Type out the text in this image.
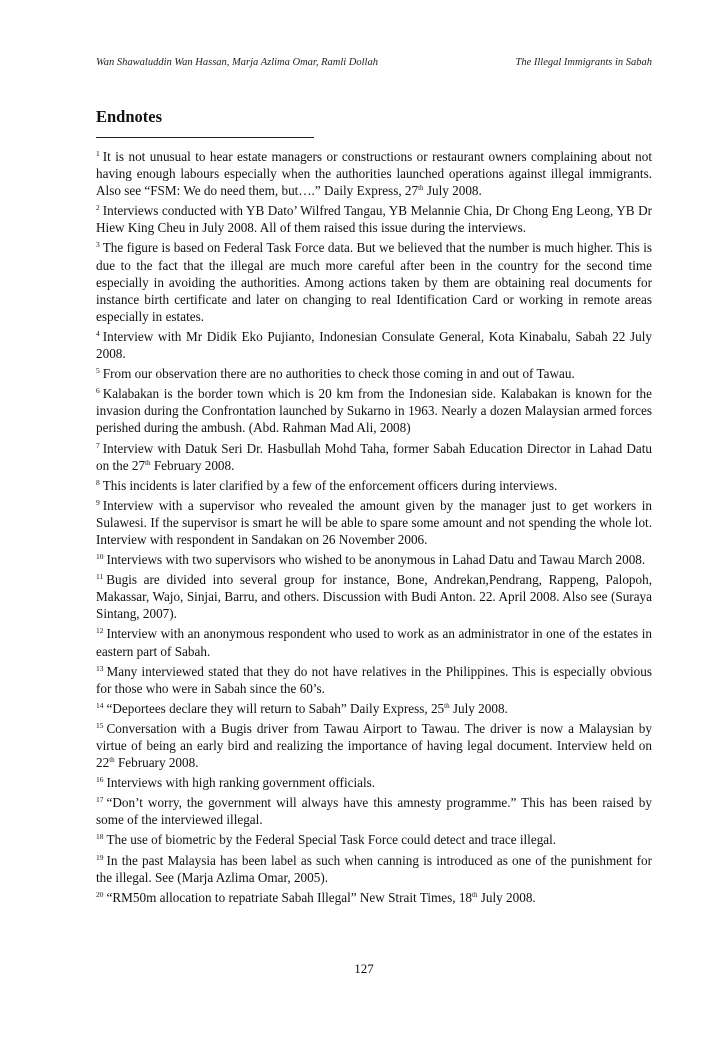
Wan Shawaluddin Wan Hassan, Marja Azlima Omar, Ramli Dollah	The Illegal Immigrants in Sabah
Endnotes

$^1$ It is not unusual to hear estate managers or constructions or restaurant owners complaining about not having enough labours especially when the authorities launched operations against illegal immigrants. Also see “FSM: We do need them, but….” Daily Express, 27th July 2008.

$^2$ Interviews conducted with YB Dato’ Wilfred Tangau, YB Melannie Chia, Dr Chong Eng Leong, YB Dr Hiew King Cheu in July 2008. All of them raised this issue during the interviews.

$^3$ The figure is based on Federal Task Force data. But we believed that the number is much higher. This is due to the fact that the illegal are much more careful after been in the country for the second time especially in avoiding the authorities. Among actions taken by them are obtaining real documents for instance birth certificate and later on changing to real Identification Card or working in remote areas especially in estates.

$^4$ Interview with Mr Didik Eko Pujianto, Indonesian Consulate General, Kota Kinabalu, Sabah 22 July 2008.

$^5$ From our observation there are no authorities to check those coming in and out of Tawau.

$^6$ Kalabakan is the border town which is 20 km from the Indonesian side. Kalabakan is known for the invasion during the Confrontation launched by Sukarno in 1963. Nearly a dozen Malaysian armed forces perished during the ambush. (Abd. Rahman Mad Ali, 2008)

$^7$ Interview with Datuk Seri Dr. Hasbullah Mohd Taha, former Sabah Education Director in Lahad Datu on the 27th February 2008.

$^8$ This incidents is later clarified by a few of the enforcement officers during interviews.

$^9$ Interview with a supervisor who revealed the amount given by the manager just to get workers in Sulawesi. If the supervisor is smart he will be able to spare some amount and not spending the whole lot. Interview with respondent in Sandakan on 26 November 2006.

$^{10}$ Interviews with two supervisors who wished to be anonymous in Lahad Datu and Tawau March 2008.

$^{11}$ Bugis are divided into several group for instance, Bone, Andrekan,Pendrang, Rappeng, Palopoh, Makassar, Wajo, Sinjai, Barru, and others. Discussion with Budi Anton. 22. April 2008. Also see (Suraya Sintang, 2007).

$^{12}$ Interview with an anonymous respondent who used to work as an administrator in one of the estates in eastern part of Sabah.

$^{13}$ Many interviewed stated that they do not have relatives in the Philippines. This is especially obvious for those who were in Sabah since the 60’s.

$^{14}$ “Deportees declare they will return to Sabah” Daily Express, 25th July 2008.

$^{15}$ Conversation with a Bugis driver from Tawau Airport to Tawau. The driver is now a Malaysian by virtue of being an early bird and realizing the importance of having legal document. Interview held on 22th February 2008.

$^{16}$ Interviews with high ranking government officials.

$^{17}$ “Don’t worry, the government will always have this amnesty programme.” This has been raised by some of the interviewed illegal.

$^{18}$ The use of biometric by the Federal Special Task Force could detect and trace illegal.

$^{19}$ In the past Malaysia has been label as such when canning is introduced as one of the punishment for the illegal. See (Marja Azlima Omar, 2005).

$^{20}$ “RM50m allocation to repatriate Sabah Illegal” New Strait Times, 18th July 2008.

127
